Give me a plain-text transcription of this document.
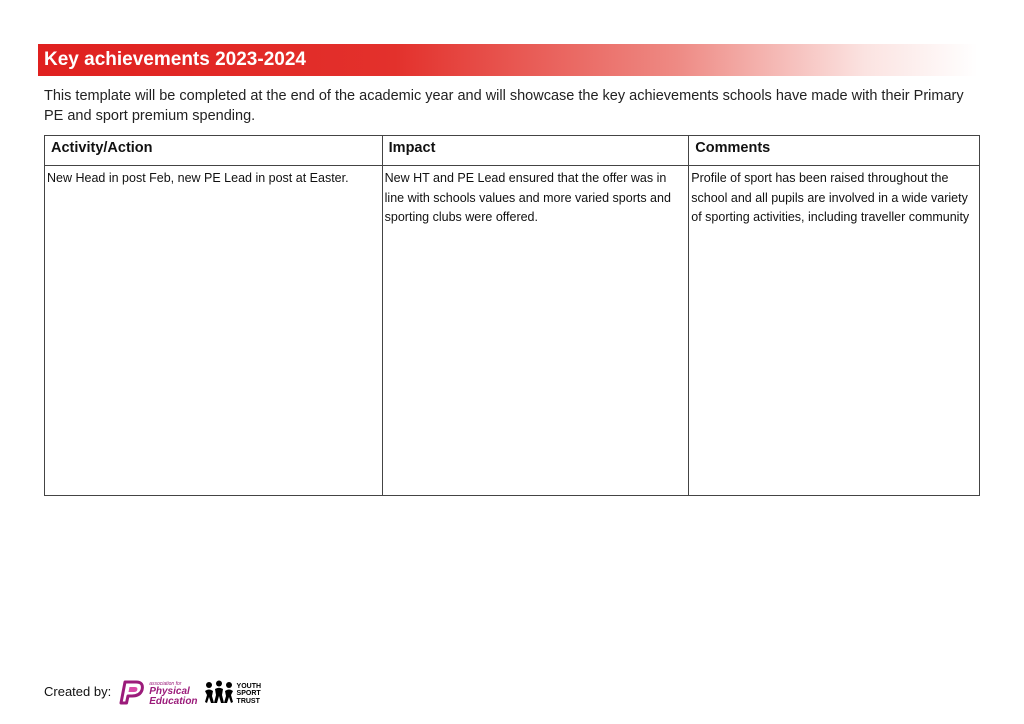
Key achievements 2023-2024
This template will be completed at the end of the academic year and will showcase the key achievements schools have made with their Primary PE and sport premium spending.
Activity/Action	Impact	Comments
New Head in post Feb, new PE Lead in post at Easter.	New HT and PE Lead ensured that the offer was in line with schools values and more varied sports and sporting clubs were offered.	Profile of sport has been raised throughout the school and all pupils are involved in a wide variety of sporting activities, including traveller community
Created by:	association for
Physical
Education
YOUTH
SPORT
TRUST
